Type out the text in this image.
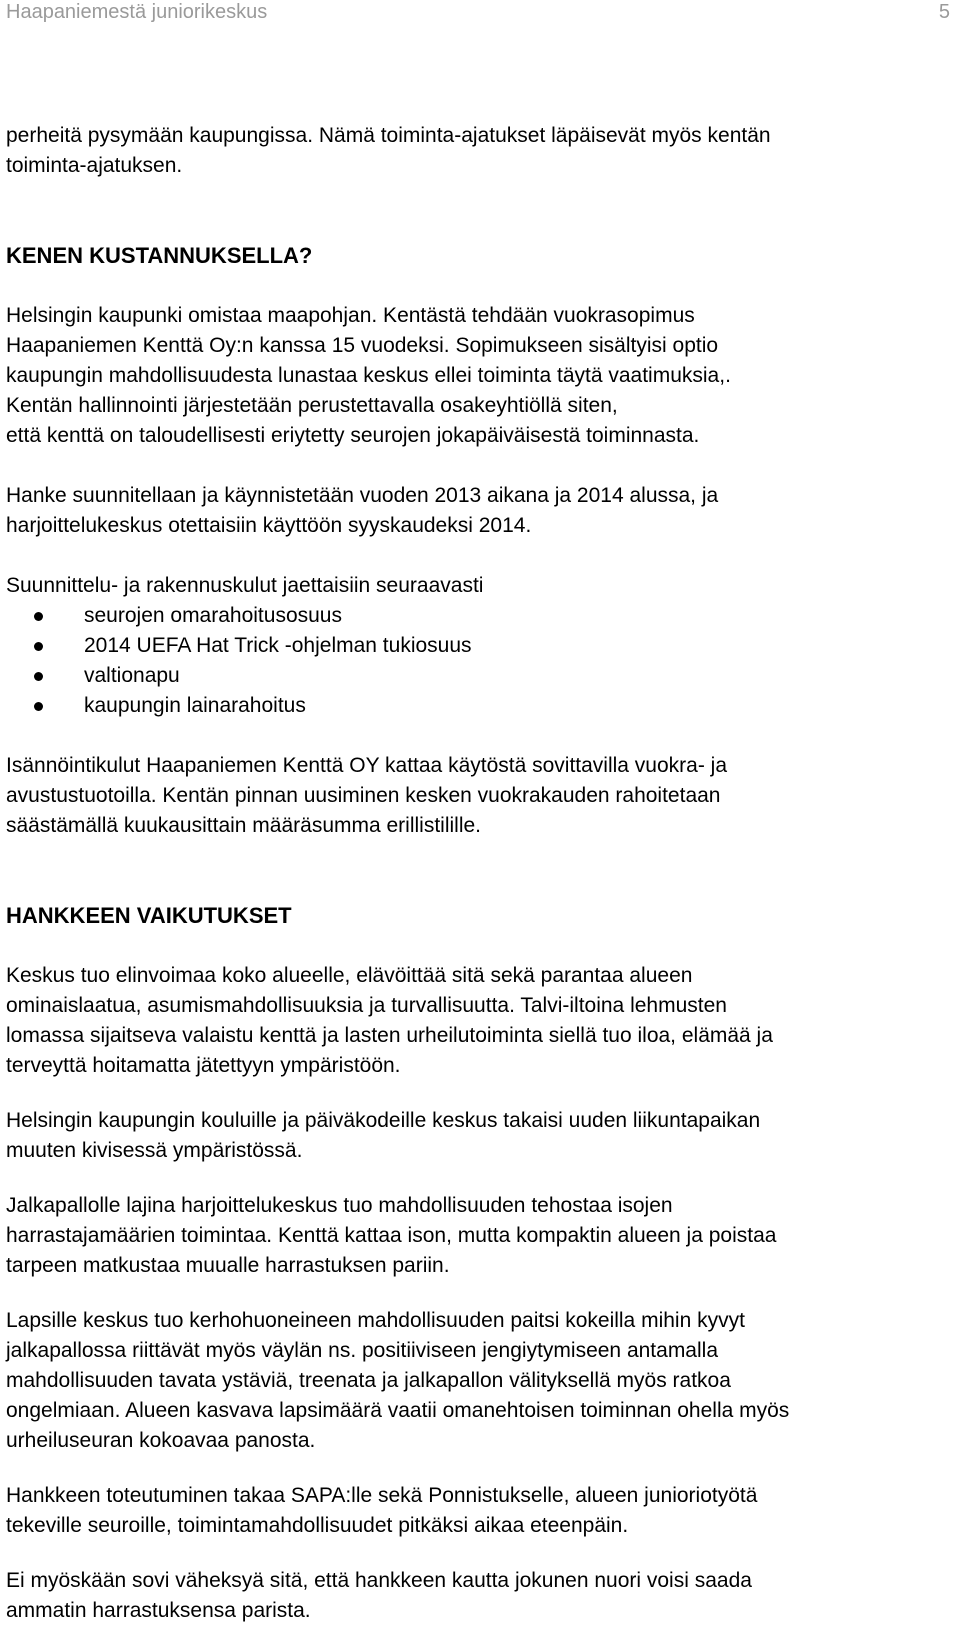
Haapaniemestä juniorikeskus	5

perheitä pysymään kaupungissa. Nämä toiminta-ajatukset läpäisevät myös kentän

toiminta-ajatuksen.

KENEN KUSTANNUKSELLA?

Helsingin kaupunki omistaa maapohjan. Kentästä tehdään vuokrasopimus

Haapaniemen Kenttä Oy:n kanssa 15 vuodeksi. Sopimukseen sisältyisi optio

kaupungin mahdollisuudesta lunastaa keskus ellei toiminta täytä vaatimuksia,.

Kentän hallinnointi järjestetään perustettavalla osakeyhtiöllä siten,

että kenttä on taloudellisesti eriytetty seurojen jokapäiväisestä toiminnasta.

Hanke suunnitellaan ja käynnistetään vuoden 2013 aikana ja 2014 alussa, ja

harjoittelukeskus otettaisiin käyttöön syyskaudeksi 2014.

Suunnittelu- ja rakennuskulut jaettaisiin seuraavasti

seurojen omarahoitusosuus
2014 UEFA Hat Trick -ohjelman tukiosuus
valtionapu
kaupungin lainarahoitus

Isännöintikulut Haapaniemen Kenttä OY kattaa käytöstä sovittavilla vuokra- ja

avustustuotoilla. Kentän pinnan uusiminen kesken vuokrakauden rahoitetaan

säästämällä kuukausittain määräsumma erillistilille.

HANKKEEN VAIKUTUKSET

Keskus tuo elinvoimaa koko alueelle, elävöittää sitä sekä parantaa alueen

ominaislaatua, asumismahdollisuuksia ja turvallisuutta. Talvi-iltoina lehmusten

lomassa sijaitseva valaistu kenttä ja lasten urheilutoiminta siellä tuo iloa, elämää ja

terveyttä hoitamatta jätettyyn ympäristöön.

Helsingin kaupungin kouluille ja päiväkodeille keskus takaisi uuden liikuntapaikan

muuten kivisessä ympäristössä.

Jalkapallolle lajina harjoittelukeskus tuo mahdollisuuden tehostaa isojen

harrastajamäärien toimintaa. Kenttä kattaa ison, mutta kompaktin alueen ja poistaa

tarpeen matkustaa muualle harrastuksen pariin.

Lapsille keskus tuo kerhohuoneineen mahdollisuuden paitsi kokeilla mihin kyvyt

jalkapallossa riittävät myös väylän ns. positiiviseen jengiytymiseen antamalla

mahdollisuuden tavata ystäviä, treenata ja jalkapallon välityksellä myös ratkoa

ongelmiaan. Alueen kasvava lapsimäärä vaatii omanehtoisen toiminnan ohella myös

urheiluseuran kokoavaa panosta.

Hankkeen toteutuminen takaa SAPA:lle sekä Ponnistukselle, alueen junioriotyötä

tekeville seuroille, toimintamahdollisuudet pitkäksi aikaa eteenpäin.

Ei myöskään sovi väheksyä sitä, että hankkeen kautta jokunen nuori voisi saada

ammatin harrastuksensa parista.
